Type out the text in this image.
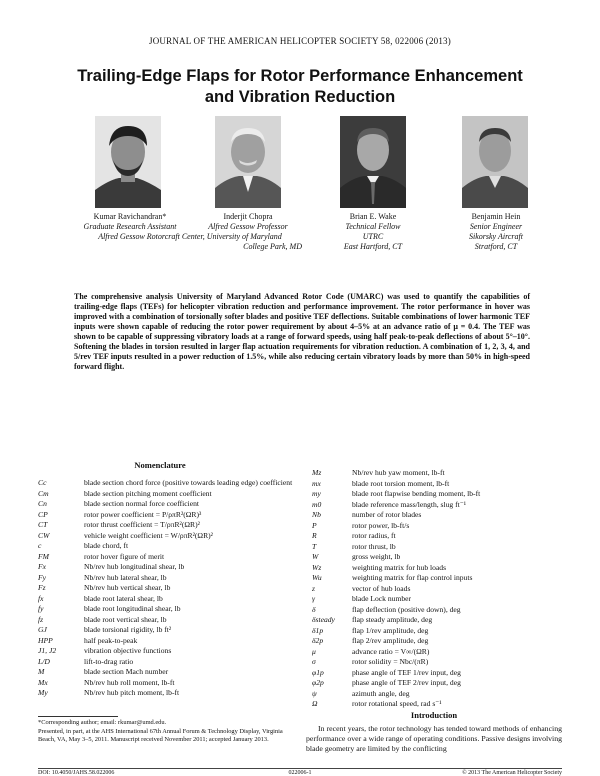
JOURNAL OF THE AMERICAN HELICOPTER SOCIETY 58, 022006 (2013)
Trailing-Edge Flaps for Rotor Performance Enhancement
and Vibration Reduction
Kumar Ravichandran*
Graduate Research Assistant
Inderjit Chopra
Alfred Gessow Professor
Brian E. Wake
Technical Fellow
UTRC
East Hartford, CT
Benjamin Hein
Senior Engineer
Sikorsky Aircraft
Stratford, CT
Alfred Gessow Rotorcraft Center, University of Maryland
College Park, MD
The comprehensive analysis University of Maryland Advanced Rotor Code (UMARC) was used to quantify the capabilities of trailing-edge flaps (TEFs) for helicopter vibration reduction and performance improvement. The rotor performance in hover was improved with a combination of torsionally softer blades and positive TEF deflections. Suitable combinations of lower harmonic TEF inputs were shown capable of reducing the rotor power requirement by about 4–5% at an advance ratio of μ = 0.4. The TEF was shown to be capable of suppressing vibratory loads at a range of forward speeds, using half peak-to-peak deflections of about 5°–10°. Softening the blades in torsion resulted in larger flap actuation requirements for vibration reduction. A combination of 1, 2, 3, 4, and 5/rev TEF inputs resulted in a power reduction of 1.5%, while also reducing certain vibratory loads by more than 50% in high-speed forward flight.
Nomenclature
Cc	blade section chord force (positive towards leading edge) coefficient
Cm	blade section pitching moment coefficient
Cn	blade section normal force coefficient
CP	rotor power coefficient = P/ρπR²(ΩR)³
CT	rotor thrust coefficient = T/ρπR²(ΩR)²
CW	vehicle weight coefficient = W/ρπR²(ΩR)²
c	blade chord, ft
FM	rotor hover figure of merit
Fx	Nb/rev hub longitudinal shear, lb
Fy	Nb/rev hub lateral shear, lb
Fz	Nb/rev hub vertical shear, lb
fx	blade root lateral shear, lb
fy	blade root longitudinal shear, lb
fz	blade root vertical shear, lb
GJ	blade torsional rigidity, lb ft²
HPP	half peak-to-peak
J1, J2	vibration objective functions
L/D	lift-to-drag ratio
M	blade section Mach number
Mx	Nb/rev hub roll moment, lb-ft
My	Nb/rev hub pitch moment, lb-ft
Mz	Nb/rev hub yaw moment, lb-ft
mx	blade root torsion moment, lb-ft
my	blade root flapwise bending moment, lb-ft
m0	blade reference mass/length, slug ft⁻¹
Nb	number of rotor blades
P	rotor power, lb-ft/s
R	rotor radius, ft
T	rotor thrust, lb
W	gross weight, lb
Wz	weighting matrix for hub loads
Wu	weighting matrix for flap control inputs
z	vector of hub loads
γ	blade Lock number
δ	flap deflection (positive down), deg
δsteady	flap steady amplitude, deg
δ1p	flap 1/rev amplitude, deg
δ2p	flap 2/rev amplitude, deg
μ	advance ratio = V∞/(ΩR)
σ	rotor solidity = Nbc/(πR)
φ1p	phase angle of TEF 1/rev input, deg
φ2p	phase angle of TEF 2/rev input, deg
ψ	azimuth angle, deg
Ω	rotor rotational speed, rad s⁻¹
*Corresponding author; email: rkumar@umd.edu.
Presented, in part, at the AHS International 67th Annual Forum & Technology Display, Virginia Beach, VA, May 3–5, 2011. Manuscript received November 2011; accepted January 2013.
Introduction
In recent years, the rotor technology has tended toward methods of enhancing performance over a wide range of operating conditions. Passive designs involving blade geometry are limited by the conflicting
DOI: 10.4050/JAHS.58.022006	022006-1	© 2013 The American Helicopter Society
